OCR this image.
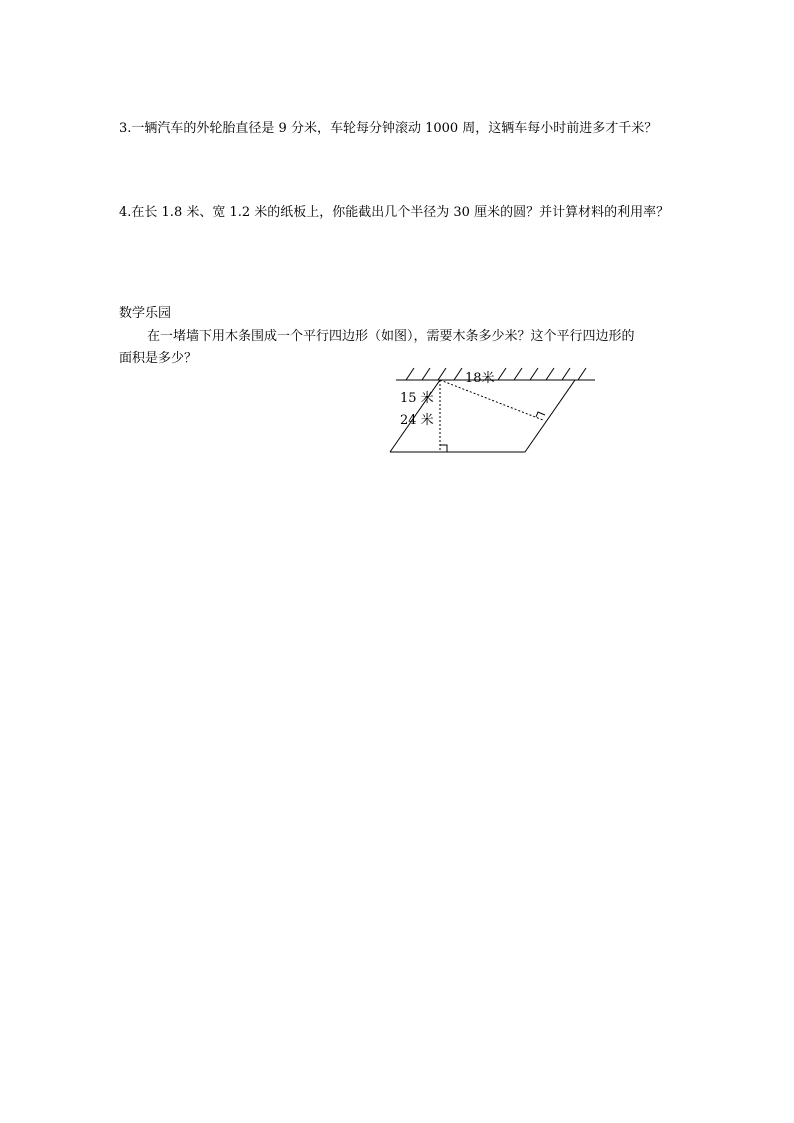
3.一辆汽车的外轮胎直径是 9 分米，车轮每分钟滚动 1000 周，这辆车每小时前进多才千米？
4.在长 1.8 米、宽 1.2 米的纸板上，你能截出几个半径为 30 厘米的圆？并计算材料的利用率？
数学乐园
在一堵墙下用木条围成一个平行四边形（如图），需要木条多少米？这个平行四边形的
面积是多少？
18米
15 米
24 米
